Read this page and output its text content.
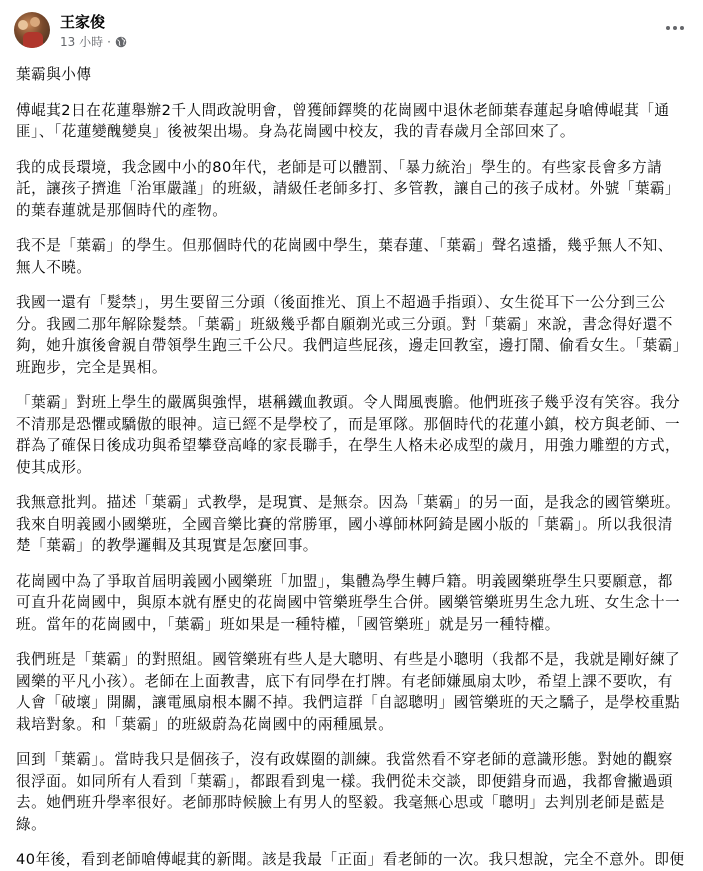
王家俊
13 小時 ·

葉霸與小傳

傅崐萁2日在花蓮舉辦2千人問政說明會，曾獲師鐸獎的花崗國中退休老師葉春蓮起身嗆傅崐萁「通匪」、「花蓮變醜變臭」後被架出場。身為花崗國中校友，我的青春歲月全部回來了。

我的成長環境，我念國中小的80年代，老師是可以體罰、「暴力統治」學生的。有些家長會多方請託，讓孩子擠進「治軍嚴謹」的班級，請級任老師多打、多管教，讓自己的孩子成材。外號「葉霸」的葉春蓮就是那個時代的產物。

我不是「葉霸」的學生。但那個時代的花崗國中學生，葉春蓮、「葉霸」聲名遠播，幾乎無人不知、無人不曉。

我國一還有「髮禁」，男生要留三分頭（後面推光、頂上不超過手指頭）、女生從耳下一公分到三公分。我國二那年解除髮禁。「葉霸」班級幾乎都自願剃光或三分頭。對「葉霸」來說，書念得好還不夠，她升旗後會親自帶領學生跑三千公尺。我們這些屁孩，邊走回教室，邊打鬧、偷看女生。「葉霸」班跑步，完全是異相。

「葉霸」對班上學生的嚴厲與強悍，堪稱鐵血教頭。令人聞風喪膽。他們班孩子幾乎沒有笑容。我分不清那是恐懼或驕傲的眼神。這已經不是學校了，而是軍隊。那個時代的花蓮小鎮，校方與老師、一群為了確保日後成功與希望攀登高峰的家長聯手，在學生人格未必成型的歲月，用強力雕塑的方式，使其成形。

我無意批判。描述「葉霸」式教學，是現實、是無奈。因為「葉霸」的另一面，是我念的國管樂班。我來自明義國小國樂班，全國音樂比賽的常勝軍，國小導師林阿錡是國小版的「葉霸」。所以我很清楚「葉霸」的教學邏輯及其現實是怎麼回事。

花崗國中為了爭取首屆明義國小國樂班「加盟」，集體為學生轉戶籍。明義國樂班學生只要願意，都可直升花崗國中，與原本就有歷史的花崗國中管樂班學生合併。國樂管樂班男生念九班、女生念十一班。當年的花崗國中，「葉霸」班如果是一種特權，「國管樂班」就是另一種特權。

我們班是「葉霸」的對照組。國管樂班有些人是大聰明、有些是小聰明（我都不是，我就是剛好練了國樂的平凡小孩）。老師在上面教書，底下有同學在打牌。有老師嫌風扇太吵，希望上課不要吹，有人會「破壞」開關，讓電風扇根本關不掉。我們這群「自認聰明」國管樂班的天之驕子，是學校重點栽培對象。和「葉霸」的班級蔚為花崗國中的兩種風景。

回到「葉霸」。當時我只是個孩子，沒有政媒圈的訓練。我當然看不穿老師的意識形態。對她的觀察很浮面。如同所有人看到「葉霸」，都跟看到鬼一樣。我們從未交談，即便錯身而過，我都會撇過頭去。她們班升學率很好。老師那時候臉上有男人的堅毅。我毫無心思或「聰明」去判別老師是藍是綠。

40年後，看到老師嗆傅崐萁的新聞。該是我最「正面」看老師的一次。我只想說，完全不意外。即便
